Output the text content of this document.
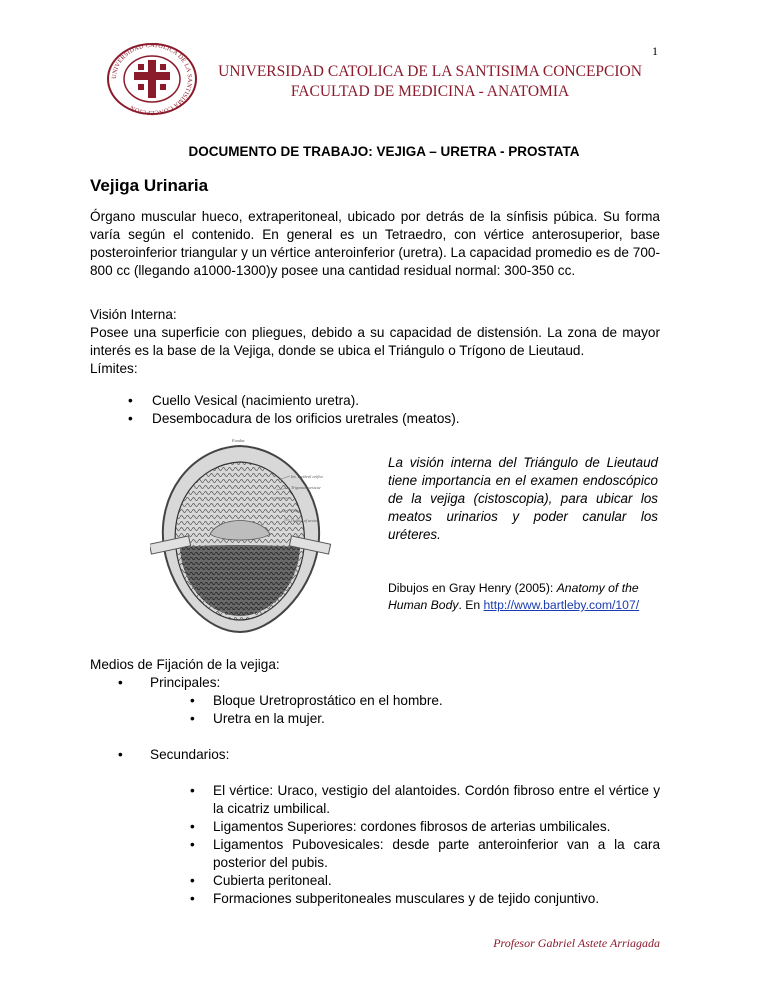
1
UNIVERSIDAD CATOLICA DE LA SANTISIMA CONCEPCION
UNIVERSIDAD CATOLICA DE LA SANTISIMA CONCEPCION
FACULTAD DE MEDICINA - ANATOMIA
DOCUMENTO DE TRABAJO: VEJIGA – URETRA - PROSTATA
Vejiga Urinaria

Órgano muscular hueco, extraperitoneal, ubicado por detrás de la sínfisis púbica. Su forma varía según el contenido. En general es un Tetraedro, con vértice anterosuperior, base posteroinferior triangular y un vértice anteroinferior (uretra). La capacidad promedio es de 700-800 cc (llegando a1000-1300)y posee una cantidad residual normal: 300-350 cc.

Visión Interna:

Posee una superficie con pliegues, debido a su capacidad de distensión. La zona de mayor interés es la base de la Vejiga, donde se ubica el Triángulo o Trígono de Lieutaud.

Límites:

• Cuello Vesical (nacimiento uretra).
• Desembocadura de los orificios uretrales (meatos).
Fundus
Int. urethral orifice
Trigonum vesicae
Fossa
Orifice of ureter
La visión interna del Triángulo de Lieutaud tiene importancia en el examen endoscópico de la vejiga (cistoscopia), para ubicar los meatos urinarios y poder canular los uréteres.
Dibujos en Gray Henry (2005): Anatomy of the Human Body. En http://www.bartleby.com/107/

Medios de Fijación de la vejiga:

• Principales:
• Bloque Uretroprostático en el hombre.
• Uretra en la mujer.
• Secundarios:
• El vértice: Uraco, vestigio del alantoides. Cordón fibroso entre el vértice y la cicatriz umbilical.
• Ligamentos Superiores: cordones fibrosos de arterias umbilicales.
• Ligamentos Pubovesicales: desde parte anteroinferior van a la cara posterior del pubis.
• Cubierta peritoneal.
• Formaciones subperitoneales musculares y de tejido conjuntivo.
Profesor Gabriel Astete Arriagada
